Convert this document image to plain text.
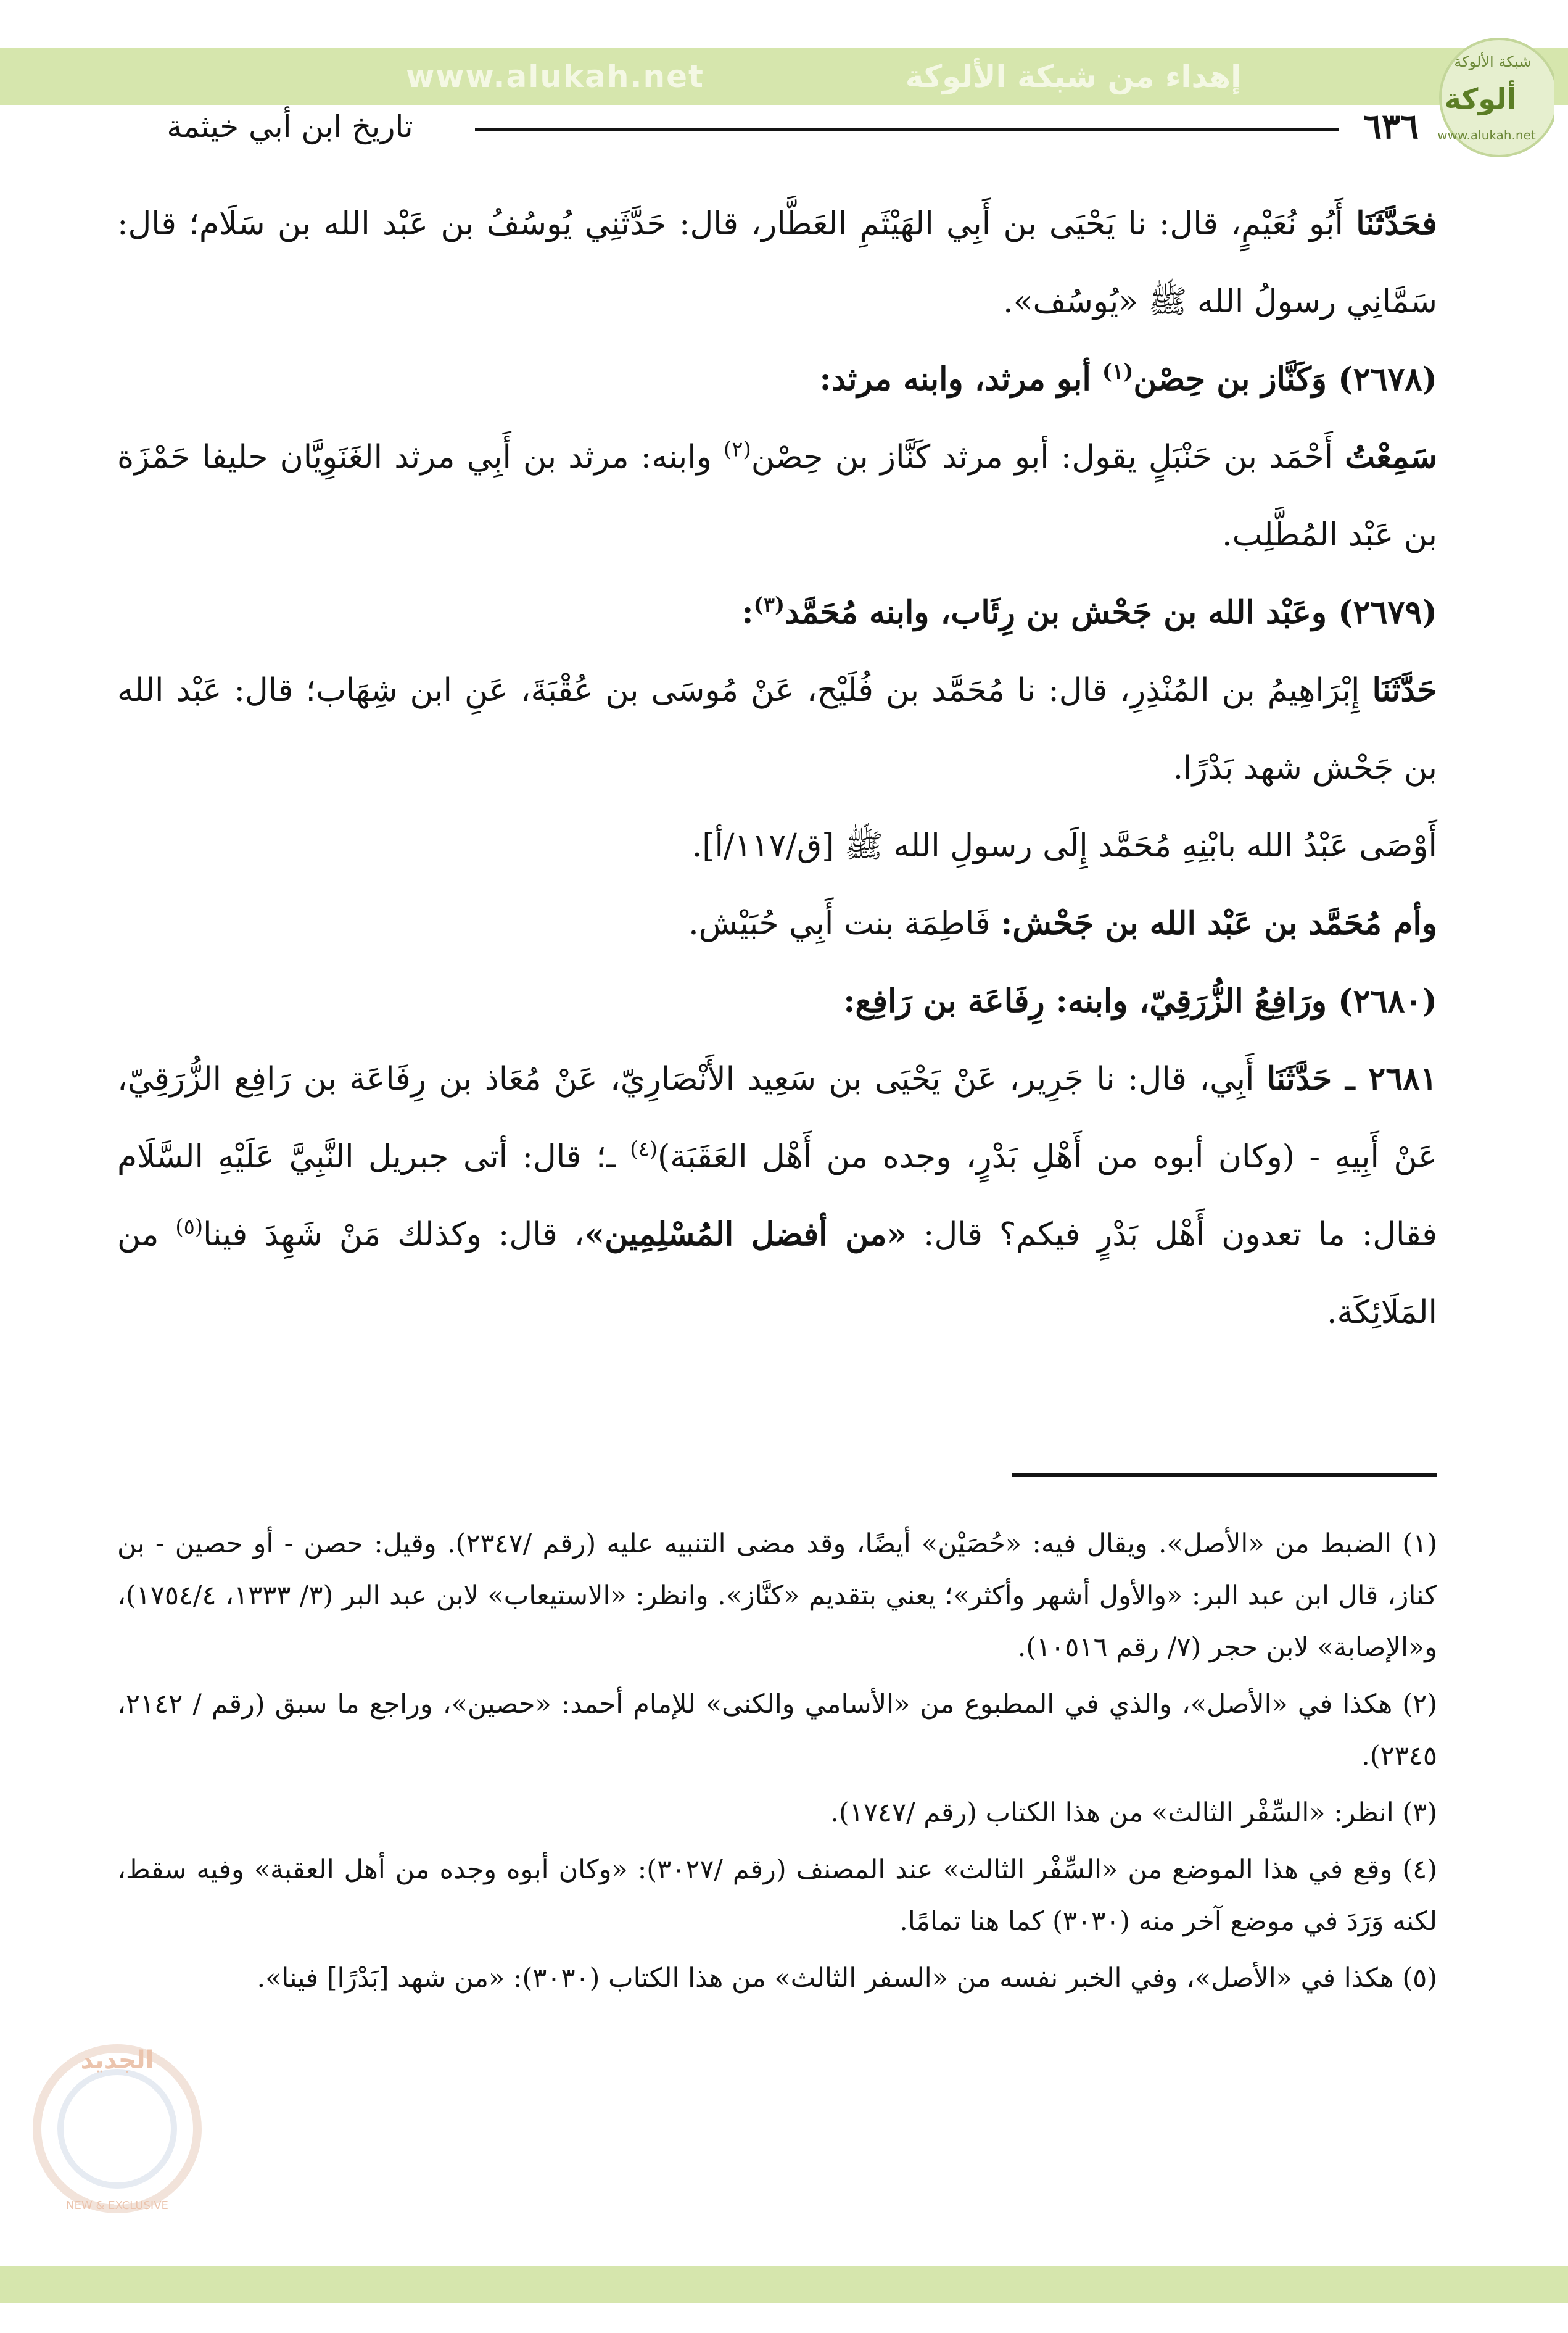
www.alukah.net	إهداء من شبكة الألوكة	شبكة الألوكة
ألوكة
www.alukah.net
تاريخ ابن أبي خيثمة	٦٣٦

فحَدَّثَنَا أَبُو نُعَيْمٍ، قال: نا يَحْيَى بن أَبِي الهَيْثَمِ العَطَّار، قال: حَدَّثَنِي يُوسُفُ بن عَبْد الله بن سَلَام؛ قال: سَمَّانِي رسولُ الله ﷺ «يُوسُف».

(٢٦٧٨) وَكَنَّاز بن حِصْن$^{(١)}$ أبو مرثد، وابنه مرثد:

سَمِعْتُ أَحْمَد بن حَنْبَلٍ يقول: أبو مرثد كَنَّاز بن حِصْن$^{(٢)}$ وابنه: مرثد بن أَبِي مرثد الغَنَوِيَّان حليفا حَمْزَة بن عَبْد المُطَّلِب.

(٢٦٧٩) وعَبْد الله بن جَحْش بن رِئَاب، وابنه مُحَمَّد$^{(٣)}$:

حَدَّثَنَا إِبْرَاهِيمُ بن المُنْذِرِ، قال: نا مُحَمَّد بن فُلَيْح، عَنْ مُوسَى بن عُقْبَةَ، عَنِ ابن شِهَاب؛ قال: عَبْد الله بن جَحْش شهد بَدْرًا.

أَوْصَى عَبْدُ الله بابْنِهِ مُحَمَّد إِلَى رسولِ الله ﷺ [ق/١١٧/أ].

وأم مُحَمَّد بن عَبْد الله بن جَحْش: فَاطِمَة بنت أَبِي حُبَيْش.

(٢٦٨٠) ورَافِعُ الزُّرَقِيّ، وابنه: رِفَاعَة بن رَافِع:

٢٦٨١ ـ حَدَّثَنَا أَبِي، قال: نا جَرِير، عَنْ يَحْيَى بن سَعِيد الأَنْصَارِيّ، عَنْ مُعَاذ بن رِفَاعَة بن رَافِع الزُّرَقِيّ، عَنْ أَبِيهِ - (وكان أبوه من أَهْلِ بَدْرٍ، وجده من أَهْل العَقَبَة)$^{(٤)}$ ـ؛ قال: أتى جبريل النَّبِيَّ عَلَيْهِ السَّلَام فقال: ما تعدون أَهْل بَدْرٍ فيكم؟ قال: «من أفضل المُسْلِمِين»، قال: وكذلك مَنْ شَهِدَ فينا$^{(٥)}$ من المَلَائِكَة.

(١) الضبط من «الأصل». ويقال فيه: «حُصَيْن» أيضًا، وقد مضى التنبيه عليه (رقم /٢٣٤٧). وقيل: حصن - أو حصين - بن كناز، قال ابن عبد البر: «والأول أشهر وأكثر»؛ يعني بتقديم «كنَّاز». وانظر: «الاستيعاب» لابن عبد البر (٣/ ١٣٣٣، ١٧٥٤/٤)، و«الإصابة» لابن حجر (٧/ رقم ١٠٥١٦).

(٢) هكذا في «الأصل»، والذي في المطبوع من «الأسامي والكنى» للإمام أحمد: «حصين»، وراجع ما سبق (رقم / ٢١٤٢، ٢٣٤٥).

(٣) انظر: «السِّفْر الثالث» من هذا الكتاب (رقم /١٧٤٧).

(٤) وقع في هذا الموضع من «السِّفْر الثالث» عند المصنف (رقم /٣٠٢٧): «وكان أبوه وجده من أهل العقبة» وفيه سقط، لكنه وَرَدَ في موضع آخر منه (٣٠٣٠) كما هنا تمامًا.

(٥) هكذا في «الأصل»، وفي الخبر نفسه من «السفر الثالث» من هذا الكتاب (٣٠٣٠): «من شهد [بَدْرًا] فينا».

الجديد
NEW & EXCLUSIVE
